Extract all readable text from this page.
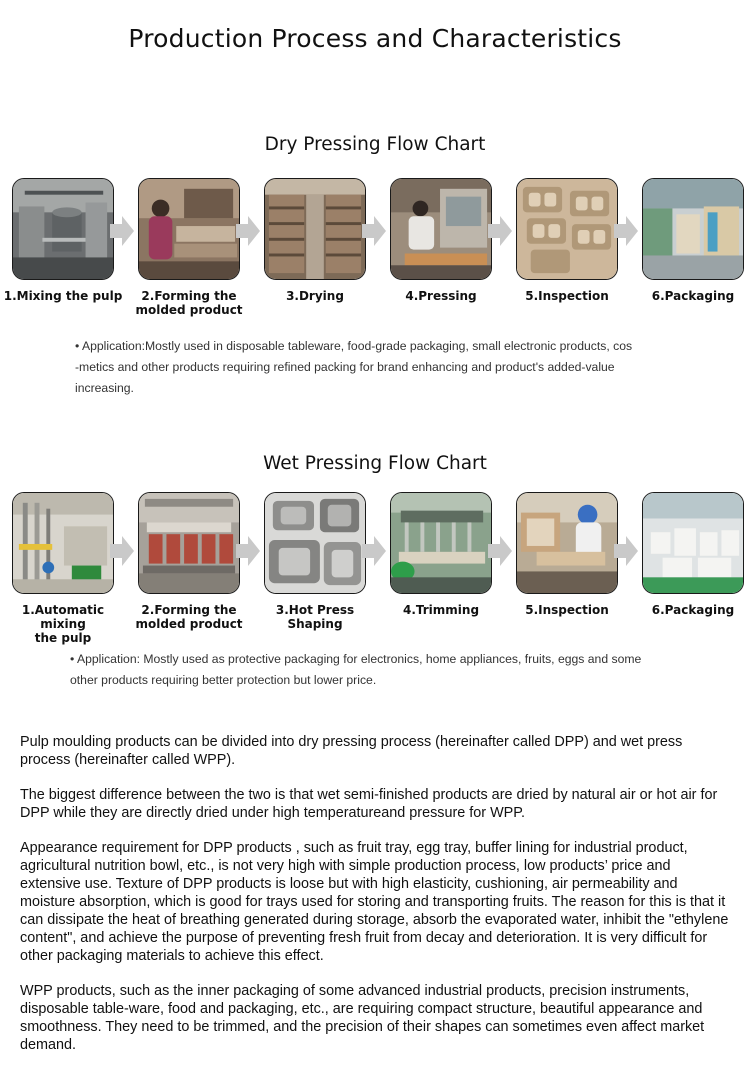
Production Process and Characteristics
Dry Pressing Flow Chart
1.Mixing the pulp	2.Forming the
molded product
3.Drying	4.Pressing	5.Inspection	6.Packaging
• Application:Mostly used in disposable tableware, food-grade packaging, small electronic products, cos
-metics and other products requiring refined packing for brand enhancing and product's added-value
increasing.
Wet Pressing Flow Chart
1.Automatic mixing
the pulp
2.Forming the
molded product
3.Hot Press Shaping
4.Trimming	5.Inspection	6.Packaging
• Application: Mostly used as protective packaging for electronics, home appliances, fruits, eggs and some
other products requiring better protection but lower price.

Pulp moulding products can be divided into dry pressing process (hereinafter called DPP) and wet press process (hereinafter called WPP).

The biggest difference between the two is that wet semi-finished products are dried by natural air or hot air for DPP while they are directly dried under high temperatureand pressure for WPP.

Appearance requirement for DPP products , such as fruit tray, egg tray, buffer lining for industrial product, agricultural nutrition bowl, etc., is not very high with simple production process, low products’ price and extensive use. Texture of DPP products is loose but with high elasticity, cushioning, air permeability and moisture absorption, which is good for trays used for storing and transporting fruits. The reason for this is that it can dissipate the heat of breathing generated during storage, absorb the evaporated water, inhibit the "ethylene content", and achieve the purpose of preventing fresh fruit from decay and deterioration. It is very difficult for other packaging materials to achieve this effect.

WPP products, such as the inner packaging of some advanced industrial products, precision instruments, disposable table-ware, food and packaging, etc., are requiring compact structure, beautiful appearance and smoothness. They need to be trimmed, and the precision of their shapes can sometimes even affect market demand.
